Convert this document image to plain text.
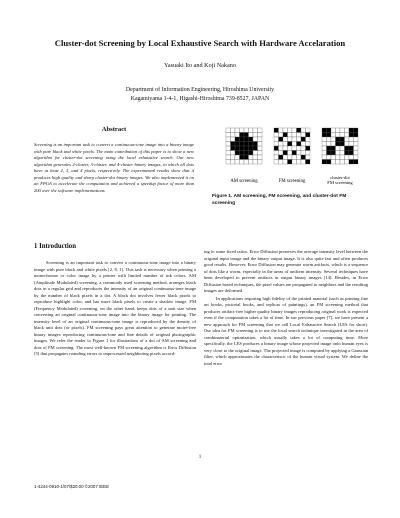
Cluster-dot Screening by Local Exhaustive Search with Hardware Accelaration
Yasuaki Ito and Koji Nakano
Department of Information Engineering, Hiroshima University
Kagamiyama 1-4-1, Higashi-Hiroshima 739-8527, JAPAN
Abstract
Screening is an important task to convert a continuous-tone image into a binary image with pure black and white pixels. The main contribution of this paper is to show a new algorithm for cluster-dot screening using the local exhaustive search. Our new algorithm generates 2-cluster, 3-cluster, and 4-cluster binary images, in which all dots have at least 2, 3, and 4 pixels, respectively. The experimental results show that it produces high quality and sharp cluster-dot binary images. We also implemented it on an FPGA to accelerate the computation and achieved a speedup factor of more than 200 over the software implementations.
AM screening	FM screening
cluster-dot FM screening
Figure 1. AM screening, FM screening, and cluster-dot FM screening
1 Introduction

Screening is an important task to convert a continuous-tone image into a binary image with pure black and white pixels [2, 8, 1]. This task is necessary when printing a monochrome or color image by a printer with limited number of ink colors. AM (Amplitude Modulated) screening, a commonly used screening method, arranges black dots in a regular grid and reproduces the intensity of an original continuous-tone image by the number of black pixels in a dot. A black dot involves fewer black pixels to reproduce highlight color, and has more black pixels to create a shadow image. FM (Frequency Modulated) screening, on the other hand, keeps dots of a unit size when converting an original continuous-tone image into the binary image for printing. The intensity level of an original continuous-tone image is reproduced by the density of black unit dots (or pixels). FM screening pays great attention to generate moiré-free binary images reproducing continuous-tone and fine details of original photographic images. We refer the reader to Figure 1 for illustrations of a dot of AM screening and dots of FM screening. The most well-known FM screening algorithm is Error Diffusion [5] that propagates rounding errors to unprocessed neighboring pixels accord-

ing to some fixed ratios. Error Diffusion preserves the average intensity level between the original input image and the binary output image. It is also quite fast and often produces good results. However, Error Diffusion may generate worm artifacts, which is a sequence of dots like a worm, especially in the areas of uniform intensity. Several techniques have been developed to prevent artifacts in output binary images [14]. Besides, in Error Diffusion based techniques, the pixel values are propagated to neighbors and the resulting images are deformed.

In applications requiring high fidelity of the printed material (such as printing fine art books, pictorial books, and replicas of paintings), an FM screening method that produces artifact-free higher quality binary images reproducing original work is expected even if the computation takes a lot of time. In our previous paper [7], we have present a new approach for FM screening that we call Local Exhaustive Search (LES for short). Our idea for FM screening is to use the local search technique investigated in the area of combinatorial optimization, which usually takes a lot of computing time. More specifically, the LES produces a binary image whose projected image onto human eyes is very close to the original image. The projected image is computed by applying a Gaussian filter, which approximates the characteristic of the human visual system. We define the total error

1
1-4244-0910-1/07/$20.00 ©2007 IEEE
